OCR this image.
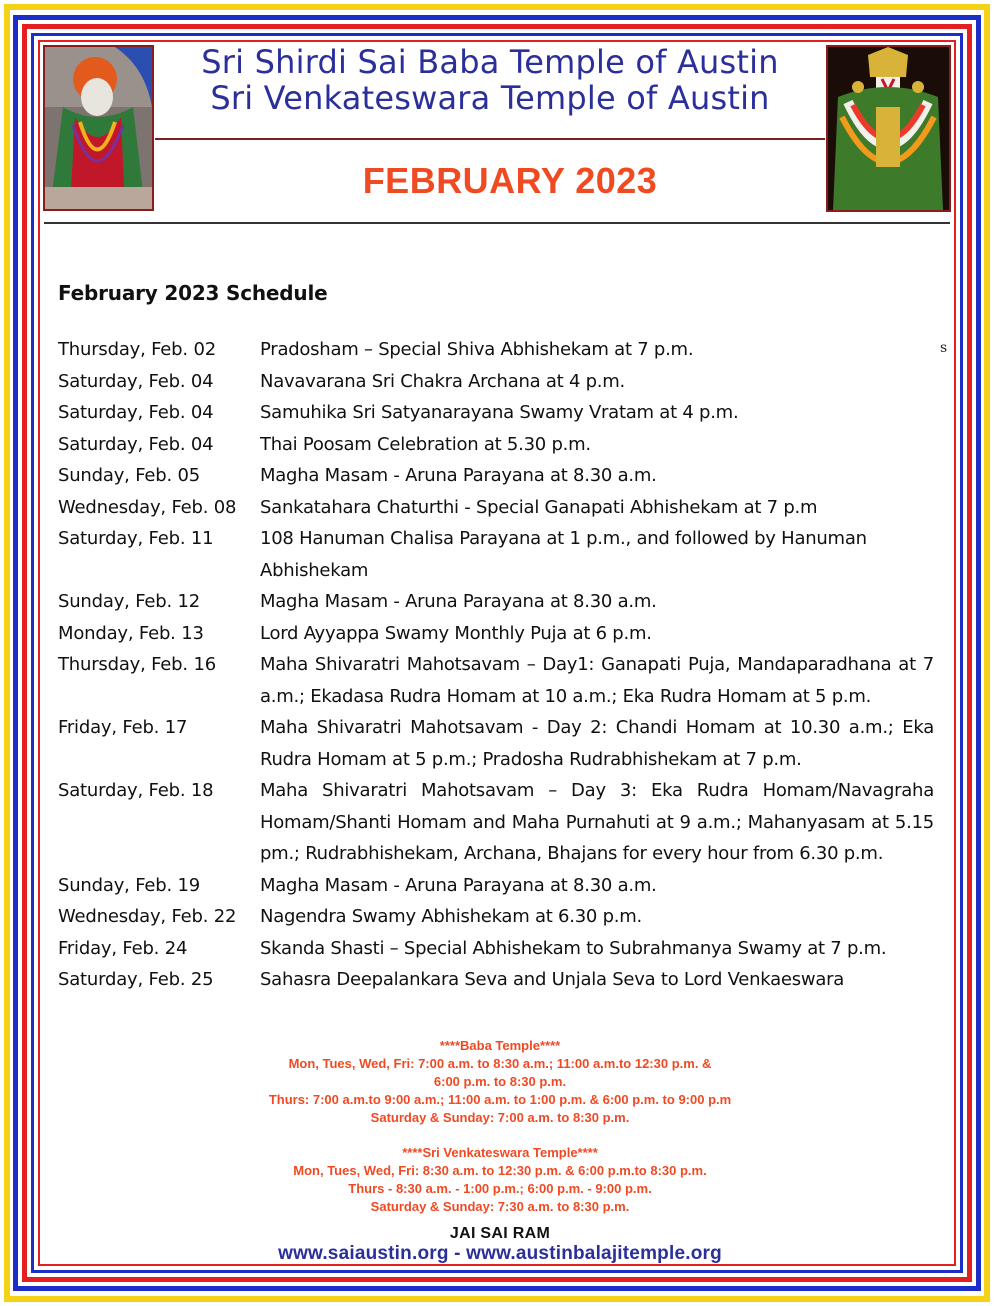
Sri Shirdi Sai Baba Temple of Austin
Sri Venkateswara Temple of Austin
FEBRUARY 2023
February 2023 Schedule
s
Thursday, Feb. 02	Pradosham – Special Shiva Abhishekam at 7 p.m.
Saturday, Feb. 04	Navavarana Sri Chakra Archana at 4 p.m.
Saturday, Feb. 04	Samuhika Sri Satyanarayana Swamy Vratam at 4 p.m.
Saturday, Feb. 04	Thai Poosam Celebration at 5.30 p.m.
Sunday, Feb. 05	Magha Masam - Aruna Parayana at 8.30 a.m.
Wednesday, Feb. 08	Sankatahara Chaturthi - Special Ganapati Abhishekam at 7 p.m
Saturday, Feb. 11	108 Hanuman Chalisa Parayana at 1 p.m., and followed by Hanuman Abhishekam
Sunday, Feb. 12	Magha Masam - Aruna Parayana at 8.30 a.m.
Monday, Feb. 13	Lord Ayyappa Swamy Monthly Puja at 6 p.m.
Thursday, Feb. 16	Maha Shivaratri Mahotsavam – Day1: Ganapati Puja, Mandaparadhana at 7 a.m.; Ekadasa Rudra Homam at 10 a.m.; Eka Rudra Homam at 5 p.m.
Friday, Feb. 17	Maha Shivaratri Mahotsavam - Day 2: Chandi Homam at 10.30 a.m.; Eka Rudra Homam at 5 p.m.; Pradosha Rudrabhishekam at 7 p.m.
Saturday, Feb. 18	Maha Shivaratri Mahotsavam – Day 3: Eka Rudra Homam/Navagraha Homam/Shanti Homam and Maha Purnahuti at 9 a.m.; Mahanyasam at 5.15 pm.; Rudrabhishekam, Archana, Bhajans for every hour from 6.30 p.m.
Sunday, Feb. 19	Magha Masam - Aruna Parayana at 8.30 a.m.
Wednesday, Feb. 22	Nagendra Swamy Abhishekam at 6.30 p.m.
Friday, Feb. 24	Skanda Shasti – Special Abhishekam to Subrahmanya Swamy at 7 p.m.
Saturday, Feb. 25	Sahasra Deepalankara Seva and Unjala Seva to Lord Venkaeswara
****Baba Temple****
Mon, Tues, Wed, Fri: 7:00 a.m. to 8:30 a.m.; 11:00 a.m.to 12:30 p.m. &
6:00 p.m. to 8:30 p.m.
Thurs: 7:00 a.m.to 9:00 a.m.; 11:00 a.m. to 1:00 p.m. & 6:00 p.m. to 9:00 p.m
Saturday & Sunday: 7:00 a.m. to 8:30 p.m.
****Sri Venkateswara Temple****
Mon, Tues, Wed, Fri: 8:30 a.m. to 12:30 p.m. & 6:00 p.m.to 8:30 p.m.
Thurs - 8:30 a.m. - 1:00 p.m.; 6:00 p.m. - 9:00 p.m.
Saturday & Sunday: 7:30 a.m. to 8:30 p.m.
JAI SAI RAM
www.saiaustin.org - www.austinbalajitemple.org
